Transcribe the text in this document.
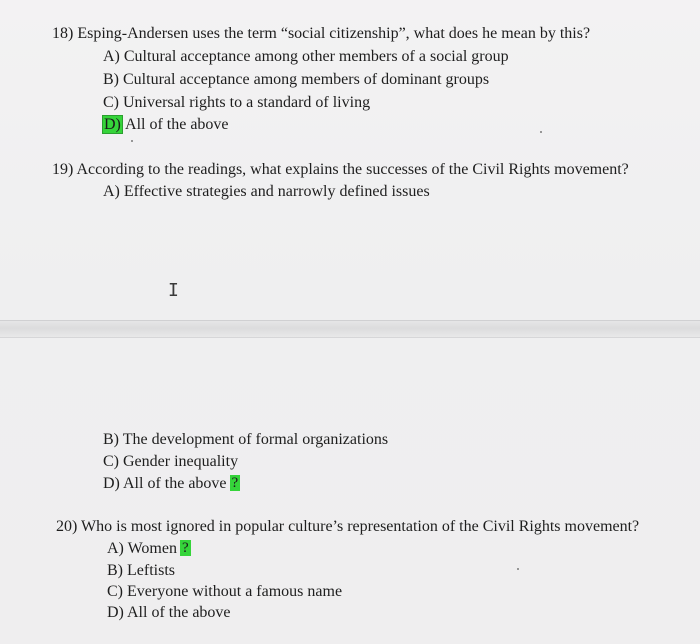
18) Esping-Andersen uses the term “social citizenship”, what does he mean by this?
A) Cultural acceptance among other members of a social group
B) Cultural acceptance among members of dominant groups
C) Universal rights to a standard of living
D) All of the above
19) According to the readings, what explains the successes of the Civil Rights movement?
A) Effective strategies and narrowly defined issues
I
B) The development of formal organizations
C) Gender inequality
D) All of the above ?
20) Who is most ignored in popular culture’s representation of the Civil Rights movement?
A) Women ?
B) Leftists
C) Everyone without a famous name
D) All of the above
